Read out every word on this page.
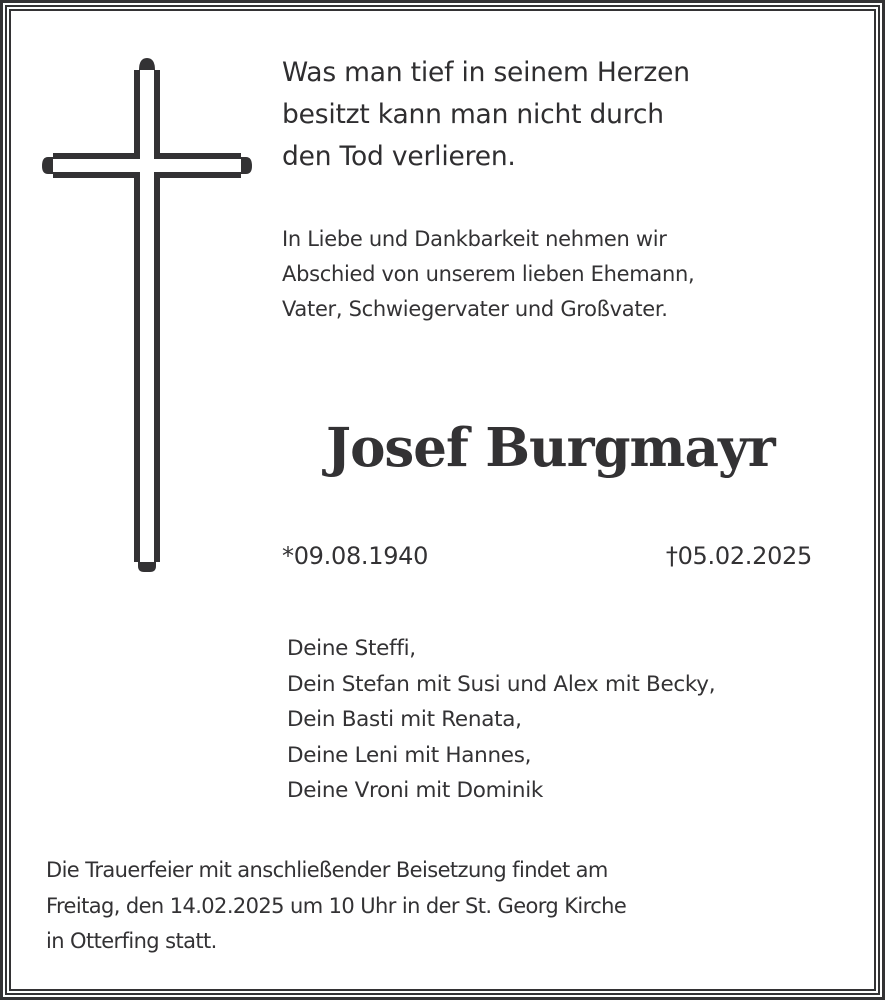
Was man tief in seinem Herzen
besitzt kann man nicht durch
den Tod verlieren.
In Liebe und Dankbarkeit nehmen wir
Abschied von unserem lieben Ehemann,
Vater, Schwiegervater und Großvater.
Josef Burgmayr
*09.08.1940	†05.02.2025
Deine Steffi,
Dein Stefan mit Susi und Alex mit Becky,
Dein Basti mit Renata,
Deine Leni mit Hannes,
Deine Vroni mit Dominik
Die Trauerfeier mit anschließender Beisetzung findet am
Freitag, den 14.02.2025 um 10 Uhr in der St. Georg Kirche
in Otterfing statt.
